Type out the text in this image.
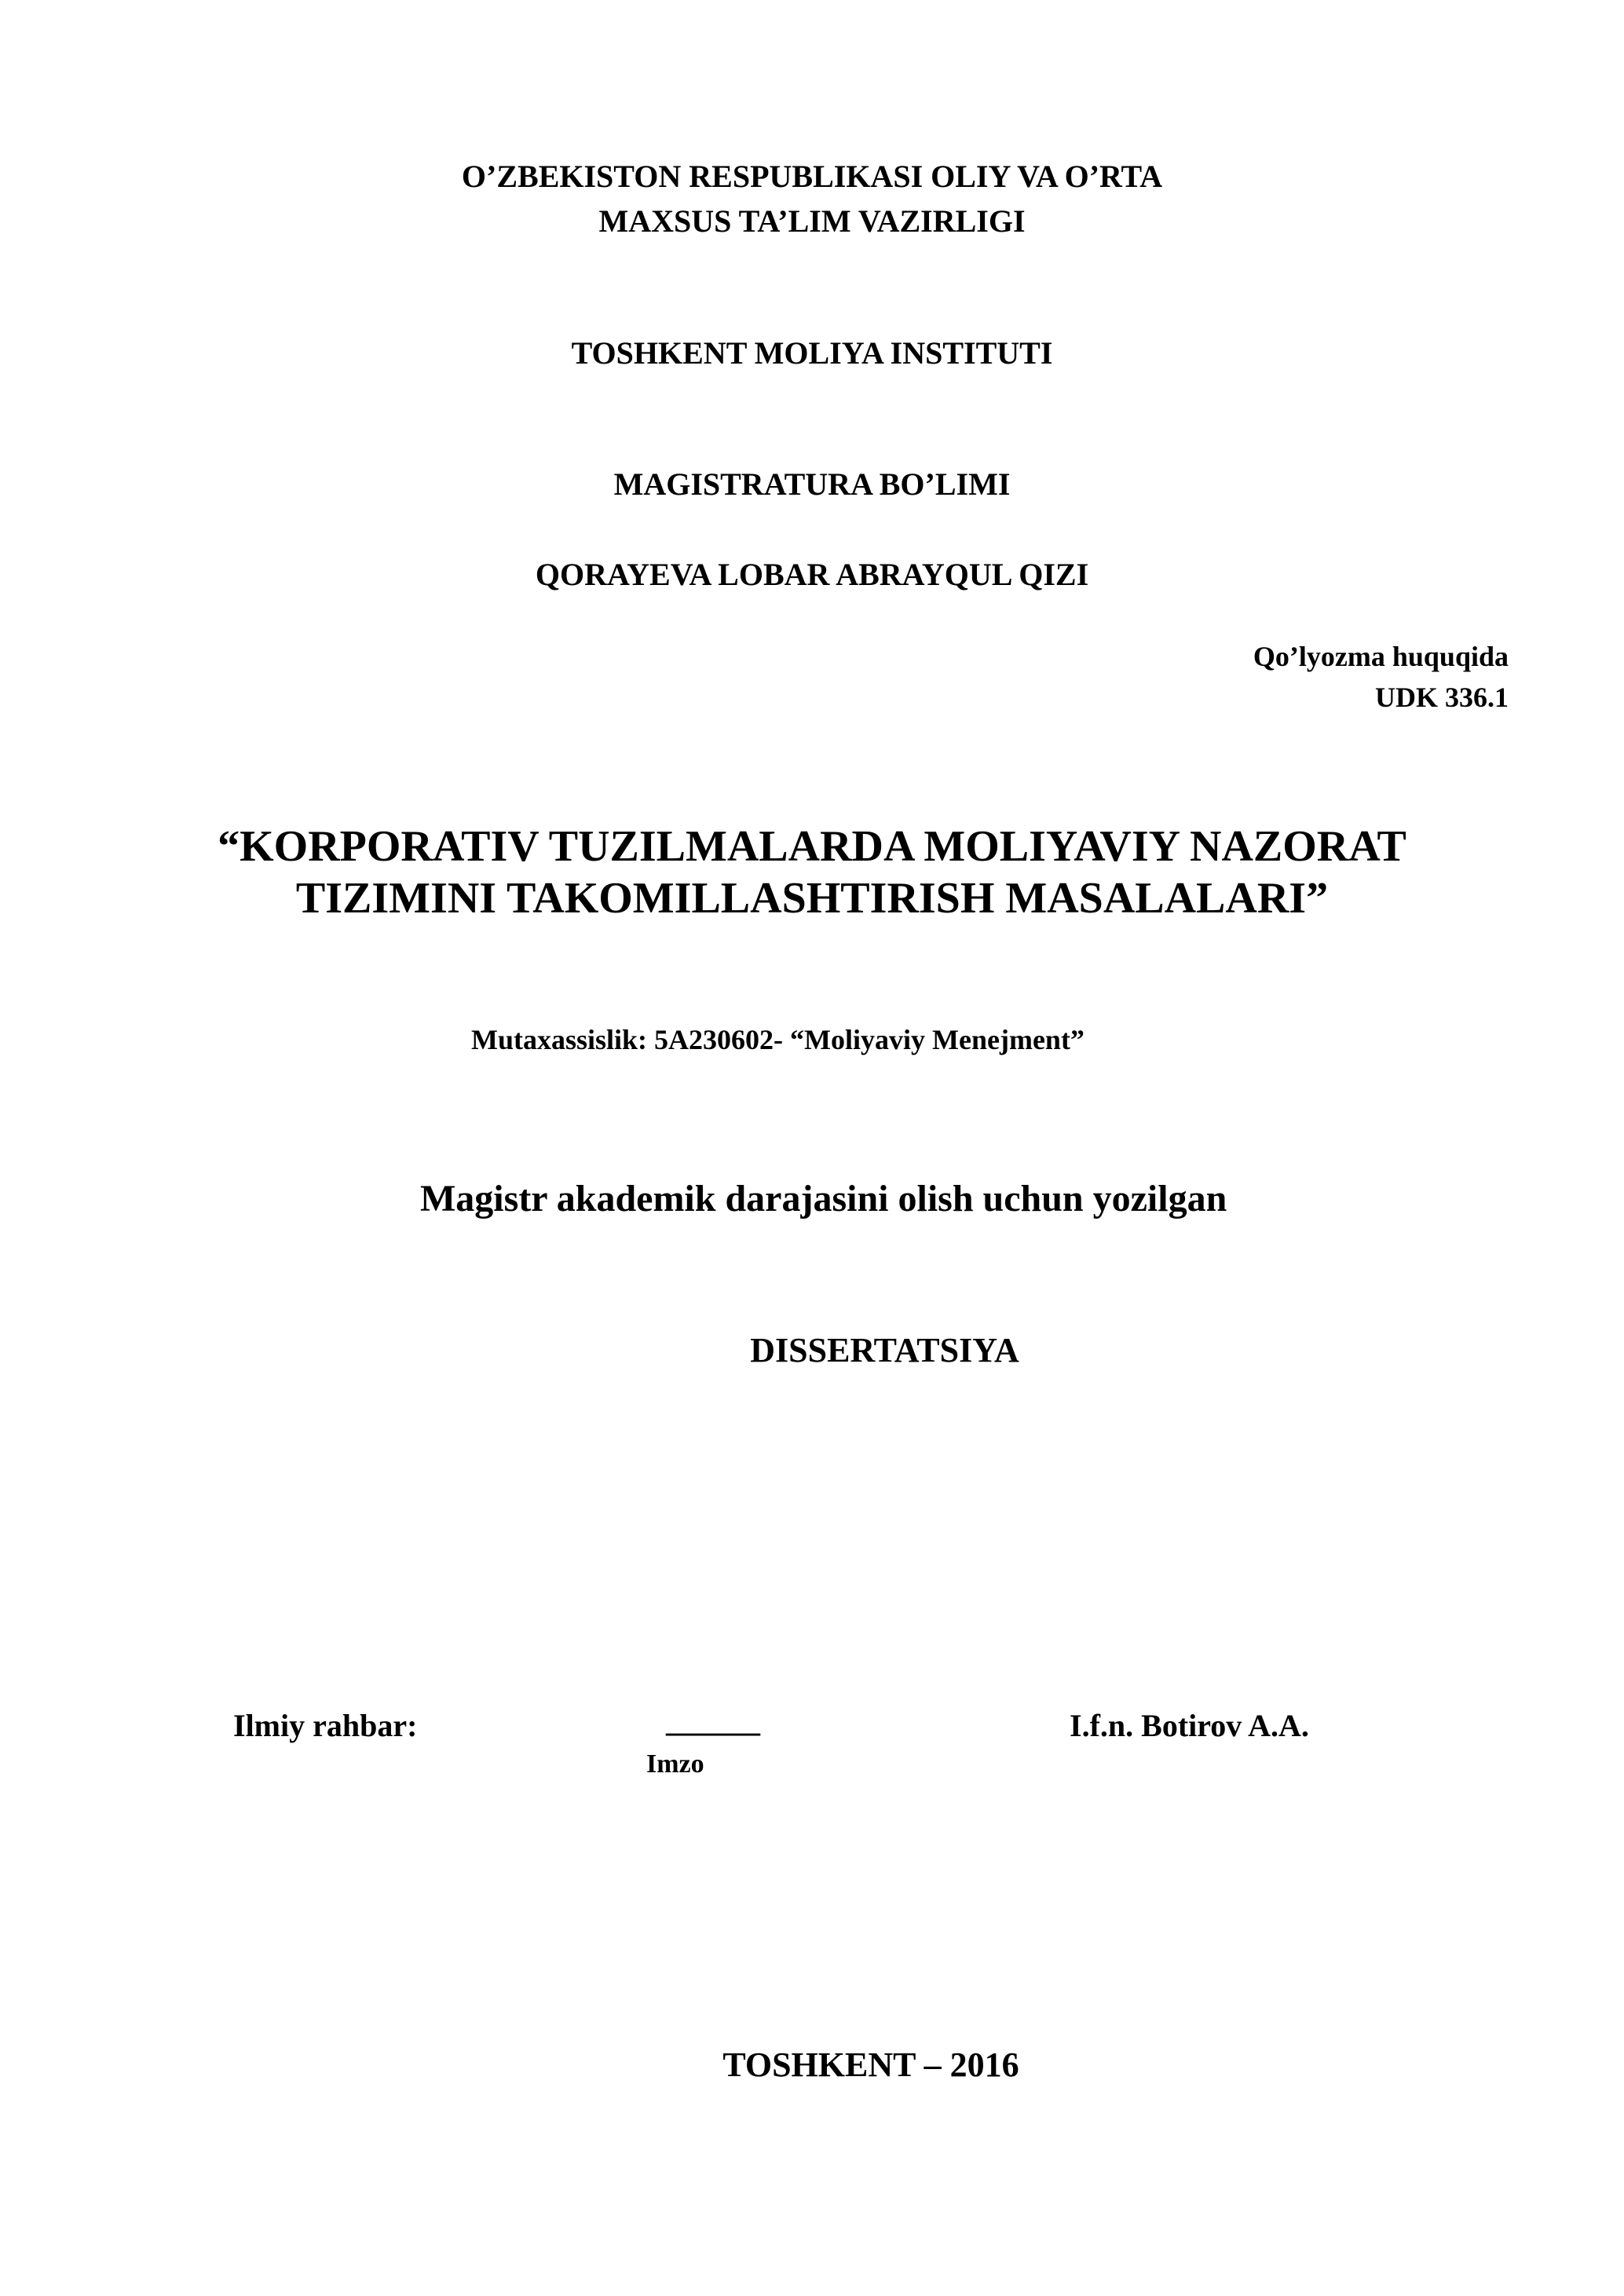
O’ZBEKISTON RESPUBLIKASI OLIY VA O’RTA
MAXSUS TA’LIM VAZIRLIGI
TOSHKENT MOLIYA INSTITUTI
MAGISTRATURA BO’LIMI
QORAYEVA LOBAR ABRAYQUL QIZI
Qo’lyozma huquqida
UDK 336.1
“KORPORATIV TUZILMALARDA MOLIYAVIY NAZORAT
TIZIMINI TAKOMILLASHTIRISH MASALALARI”
Mutaxassislik: 5A230602- “Moliyaviy Menejment”
Magistr akademik darajasini olish uchun yozilgan
DISSERTATSIYA
Ilmiy rahbar:	______
Imzo
I.f.n. Botirov A.A.
TOSHKENT – 2016
